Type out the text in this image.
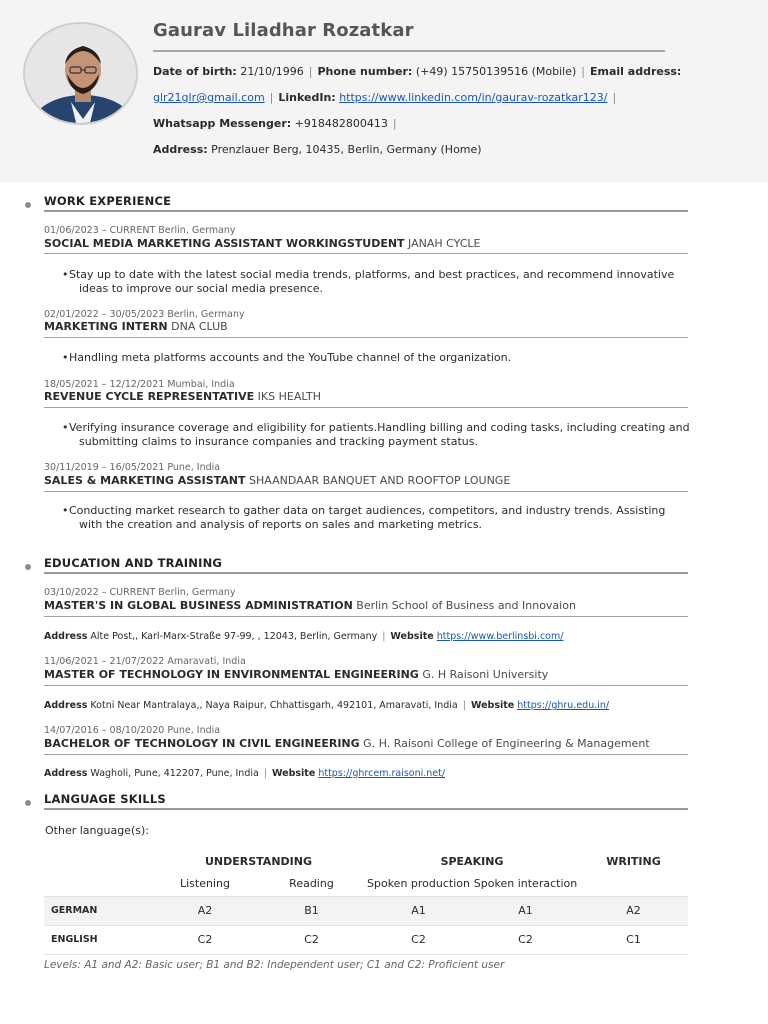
Gaurav Liladhar Rozatkar
Date of birth: 21/10/1996 | Phone number: (+49) 15750139516 (Mobile) | Email address:
glr21glr@gmail.com | LinkedIn: https://www.linkedin.com/in/gaurav-rozatkar123/ |
Whatsapp Messenger: +918482800413 |
Address: Prenzlauer Berg, 10435, Berlin, Germany (Home)
WORK EXPERIENCE
01/06/2023 – CURRENT Berlin, Germany
SOCIAL MEDIA MARKETING ASSISTANT WORKINGSTUDENT JANAH CYCLE
• Stay up to date with the latest social media trends, platforms, and best practices, and recommend innovative ideas to improve our social media presence.
02/01/2022 – 30/05/2023 Berlin, Germany
MARKETING INTERN DNA CLUB
• Handling meta platforms accounts and the YouTube channel of the organization.
18/05/2021 – 12/12/2021 Mumbai, India
REVENUE CYCLE REPRESENTATIVE IKS HEALTH
• Verifying insurance coverage and eligibility for patients.Handling billing and coding tasks, including creating and submitting claims to insurance companies and tracking payment status.
30/11/2019 – 16/05/2021 Pune, India
SALES & MARKETING ASSISTANT SHAANDAAR BANQUET AND ROOFTOP LOUNGE
• Conducting market research to gather data on target audiences, competitors, and industry trends. Assisting with the creation and analysis of reports on sales and marketing metrics.
EDUCATION AND TRAINING
03/10/2022 – CURRENT Berlin, Germany
MASTER'S IN GLOBAL BUSINESS ADMINISTRATION Berlin School of Business and Innovaion
Address Alte Post,, Karl-Marx-Straße 97-99, , 12043, Berlin, Germany | Website https://www.berlinsbi.com/
11/06/2021 – 21/07/2022 Amaravati, India
MASTER OF TECHNOLOGY IN ENVIRONMENTAL ENGINEERING G. H Raisoni University
Address Kotni Near Mantralaya,, Naya Raipur, Chhattisgarh, 492101, Amaravati, India | Website https://ghru.edu.in/
14/07/2016 – 08/10/2020 Pune, India
BACHELOR OF TECHNOLOGY IN CIVIL ENGINEERING G. H. Raisoni College of Engineering & Management
Address Wagholi, Pune, 412207, Pune, India | Website https://ghrcem.raisoni.net/
LANGUAGE SKILLS
Other language(s):
	UNDERSTANDING		SPEAKING		WRITING
	Listening	Reading	Spoken production	Spoken interaction	
GERMAN	A2	B1	A1	A1	A2
ENGLISH	C2	C2	C2	C2	C1
Levels: A1 and A2: Basic user; B1 and B2: Independent user; C1 and C2: Proficient user
